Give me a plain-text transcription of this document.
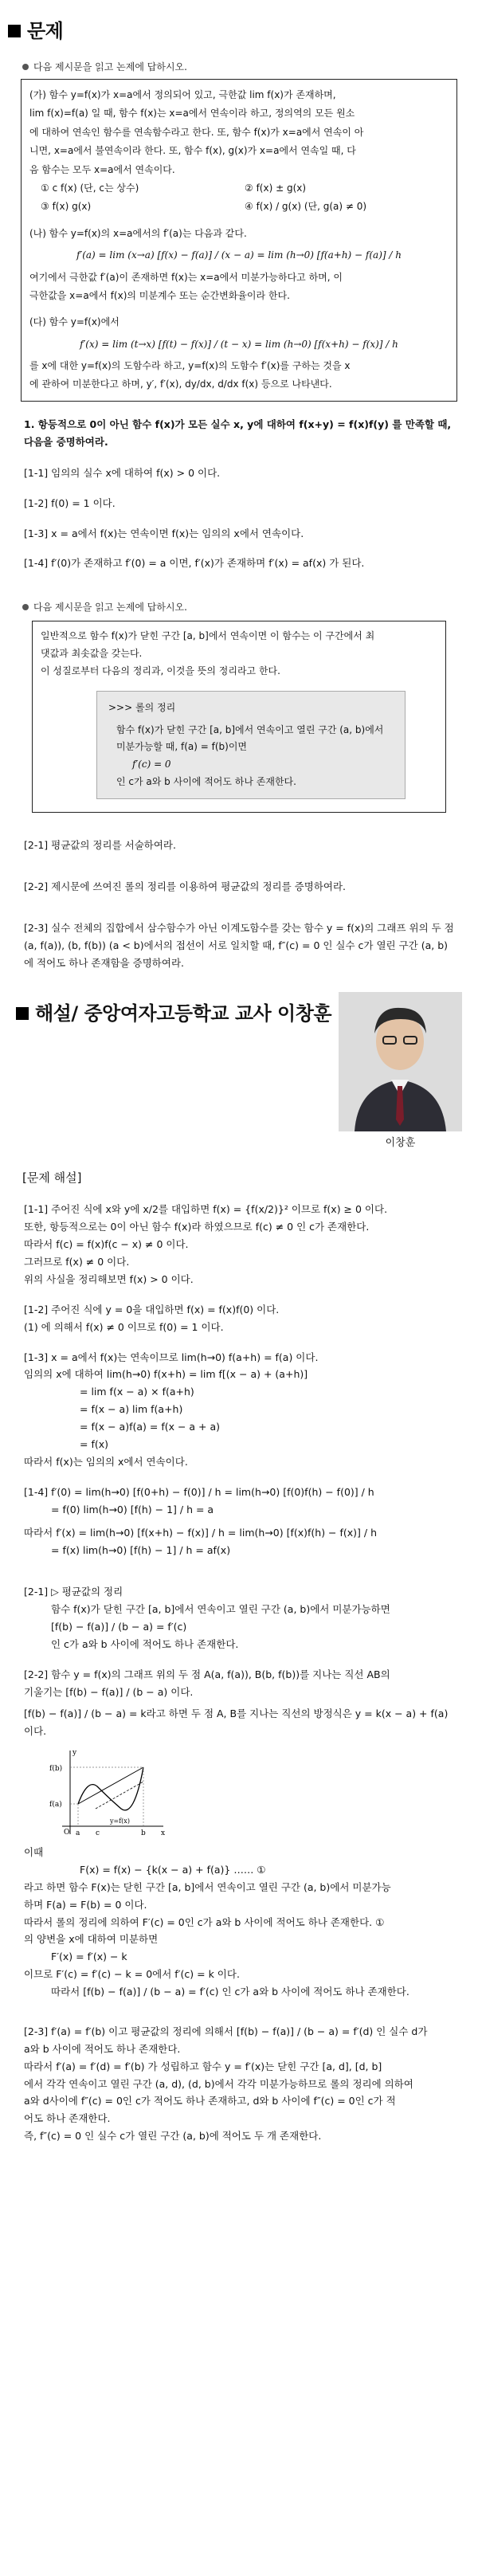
문제
다음 제시문을 읽고 논제에 답하시오.

(가) 함수 y=f(x)가 x=a에서 정의되어 있고, 극한값 lim f(x)가 존재하며,

lim f(x)=f(a) 일 때, 함수 f(x)는 x=a에서 연속이라 하고, 정의역의 모든 원소

에 대하여 연속인 함수를 연속함수라고 한다. 또, 함수 f(x)가 x=a에서 연속이 아

니면, x=a에서 불연속이라 한다. 또, 함수 f(x), g(x)가 x=a에서 연속일 때, 다

음 함수는 모두 x=a에서 연속이다.

① c f(x) (단, c는 상수)	② f(x) ± g(x)
③ f(x) g(x)	④ f(x) / g(x) (단, g(a) ≠ 0)

(나) 함수 y=f(x)의 x=a에서의 f′(a)는 다음과 같다.

f′(a) = lim (x→a) [f(x) − f(a)] / (x − a) = lim (h→0) [f(a+h) − f(a)] / h

여기에서 극한값 f′(a)이 존재하면 f(x)는 x=a에서 미분가능하다고 하며, 이

극한값을 x=a에서 f(x)의 미분계수 또는 순간변화율이라 한다.

(다) 함수 y=f(x)에서

f′(x) = lim (t→x) [f(t) − f(x)] / (t − x) = lim (h→0) [f(x+h) − f(x)] / h

를 x에 대한 y=f(x)의 도함수라 하고, y=f(x)의 도함수 f′(x)를 구하는 것을 x

에 관하여 미분한다고 하며, y′, f′(x), dy/dx, d/dx f(x) 등으로 나타낸다.

1. 항등적으로 0이 아닌 함수 f(x)가 모든 실수 x, y에 대하여 f(x+y) = f(x)f(y) 를 만족할 때, 다음을 증명하여라.
[1-1] 임의의 실수 x에 대하여 f(x) > 0 이다.
[1-2] f(0) = 1 이다.
[1-3] x = a에서 f(x)는 연속이면 f(x)는 임의의 x에서 연속이다.
[1-4] f′(0)가 존재하고 f′(0) = a 이면, f′(x)가 존재하며 f′(x) = af(x) 가 된다.
다음 제시문을 읽고 논제에 답하시오.
일반적으로 함수 f(x)가 닫힌 구간 [a, b]에서 연속이면 이 함수는 이 구간에서 최
댓값과 최솟값을 갖는다.
이 성질로부터 다음의 정리과, 이것을 뜻의 정리라고 한다.
>>> 롤의 정리
함수 f(x)가 닫힌 구간 [a, b]에서 연속이고 열린 구간 (a, b)에서
미분가능할 때, f(a) = f(b)이면
f′(c) = 0
인 c가 a와 b 사이에 적어도 하나 존재한다.
[2-1] 평균값의 정리를 서술하여라.
[2-2] 제시문에 쓰여진 롤의 정리를 이용하여 평균값의 정리를 증명하여라.
[2-3] 실수 전체의 집합에서 삼수함수가 아닌 이계도함수를 갖는 함수 y = f(x)의 그래프 위의 두 점 (a, f(a)), (b, f(b)) (a < b)에서의 접선이 서로 일치할 때, f″(c) = 0 인 실수 c가 열린 구간 (a, b)에 적어도 하나 존재함을 증명하여라.
해설/ 중앙여자고등학교 교사 이창훈
이창훈
[문제 해설]

[1-1] 주어진 식에 x와 y에 x/2를 대입하면 f(x) = {f(x/2)}² 이므로 f(x) ≥ 0 이다.

또한, 항등적으로는 0이 아닌 함수 f(x)라 하였으므로 f(c) ≠ 0 인 c가 존재한다.

따라서 f(c) = f(x)f(c − x) ≠ 0 이다.

그러므로 f(x) ≠ 0 이다.

위의 사실을 정리해보면 f(x) > 0 이다.

[1-2] 주어진 식에 y = 0을 대입하면 f(x) = f(x)f(0) 이다.

(1) 에 의해서 f(x) ≠ 0 이므로 f(0) = 1 이다.

[1-3] x = a에서 f(x)는 연속이므로 lim(h→0) f(a+h) = f(a) 이다.

임의의 x에 대하여 lim(h→0) f(x+h) = lim f[(x − a) + (a+h)]

= lim f(x − a) × f(a+h)

= f(x − a) lim f(a+h)

= f(x − a)f(a) = f(x − a + a)

= f(x)

따라서 f(x)는 임의의 x에서 연속이다.

[1-4] f′(0) = lim(h→0) [f(0+h) − f(0)] / h = lim(h→0) [f(0)f(h) − f(0)] / h

= f(0) lim(h→0) [f(h) − 1] / h = a

따라서 f′(x) = lim(h→0) [f(x+h) − f(x)] / h = lim(h→0) [f(x)f(h) − f(x)] / h

= f(x) lim(h→0) [f(h) − 1] / h = af(x)

[2-1] ▷ 평균값의 정리

함수 f(x)가 닫힌 구간 [a, b]에서 연속이고 열린 구간 (a, b)에서 미분가능하면

[f(b) − f(a)] / (b − a) = f′(c)

인 c가 a와 b 사이에 적어도 하나 존재한다.

[2-2] 함수 y = f(x)의 그래프 위의 두 점 A(a, f(a)), B(b, f(b))를 지나는 직선 AB의

기울기는 [f(b) − f(a)] / (b − a) 이다.

[f(b) − f(a)] / (b − a) = k라고 하면 두 점 A, B를 지나는 직선의 방정식은 y = k(x − a) + f(a)

이다.

f(b)
f(a)
O a c	b x
y
y=f(x)

이때

F(x) = f(x) − {k(x − a) + f(a)} …… ①

라고 하면 함수 F(x)는 닫힌 구간 [a, b]에서 연속이고 열린 구간 (a, b)에서 미분가능

하며 F(a) = F(b) = 0 이다.

따라서 롤의 정리에 의하여 F′(c) = 0인 c가 a와 b 사이에 적어도 하나 존재한다. ①

의 양변을 x에 대하여 미분하면

F′(x) = f′(x) − k

이므로 F′(c) = f′(c) − k = 0에서 f′(c) = k 이다.

따라서 [f(b) − f(a)] / (b − a) = f′(c) 인 c가 a와 b 사이에 적어도 하나 존재한다.

[2-3] f′(a) = f′(b) 이고 평균값의 정리에 의해서 [f(b) − f(a)] / (b − a) = f′(d) 인 실수 d가

a와 b 사이에 적어도 하나 존재한다.

따라서 f′(a) = f′(d) = f′(b) 가 성립하고 함수 y = f′(x)는 닫힌 구간 [a, d], [d, b]

에서 각각 연속이고 열린 구간 (a, d), (d, b)에서 각각 미분가능하므로 롤의 정리에 의하여

a와 d사이에 f″(c) = 0인 c가 적어도 하나 존재하고, d와 b 사이에 f″(c) = 0인 c가 적

어도 하나 존재한다.

즉, f″(c) = 0 인 실수 c가 열린 구간 (a, b)에 적어도 두 개 존재한다.
